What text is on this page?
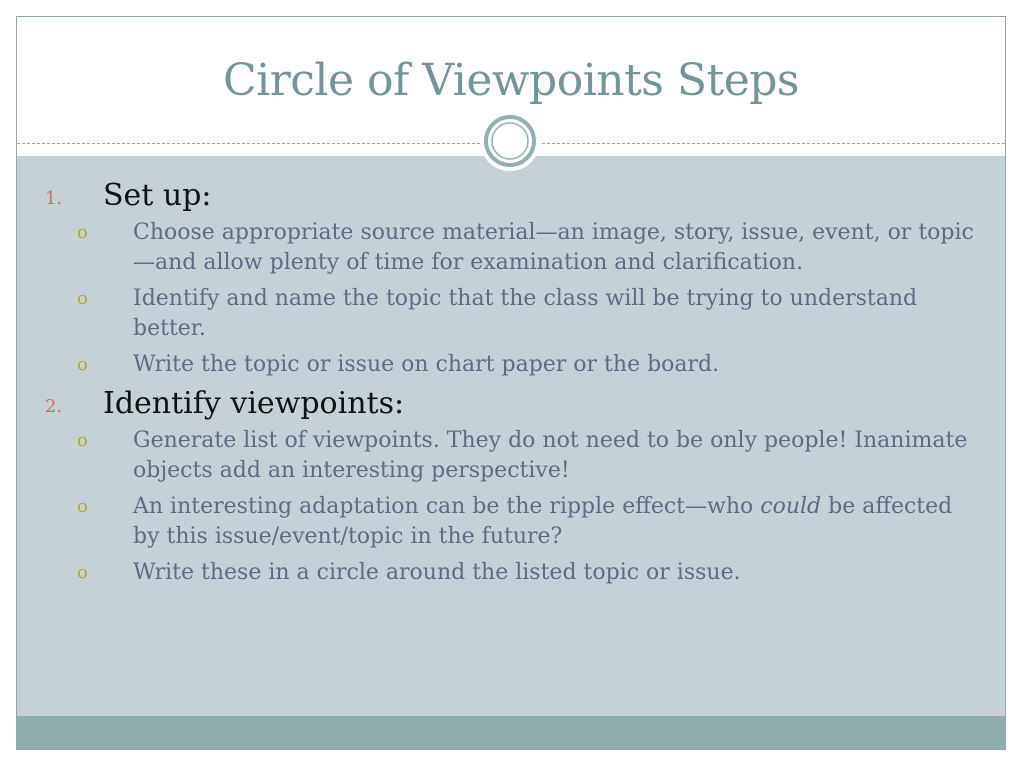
Circle of Viewpoints Steps
1. Set up:
o Choose appropriate source material—an image, story, issue, event, or topic—and allow plenty of time for examination and clarification.
o Identify and name the topic that the class will be trying to understand better.
o Write the topic or issue on chart paper or the board.
2. Identify viewpoints:
o Generate list of viewpoints. They do not need to be only people! Inanimate objects add an interesting perspective!
o An interesting adaptation can be the ripple effect—who could be affected by this issue/event/topic in the future?
o Write these in a circle around the listed topic or issue.
